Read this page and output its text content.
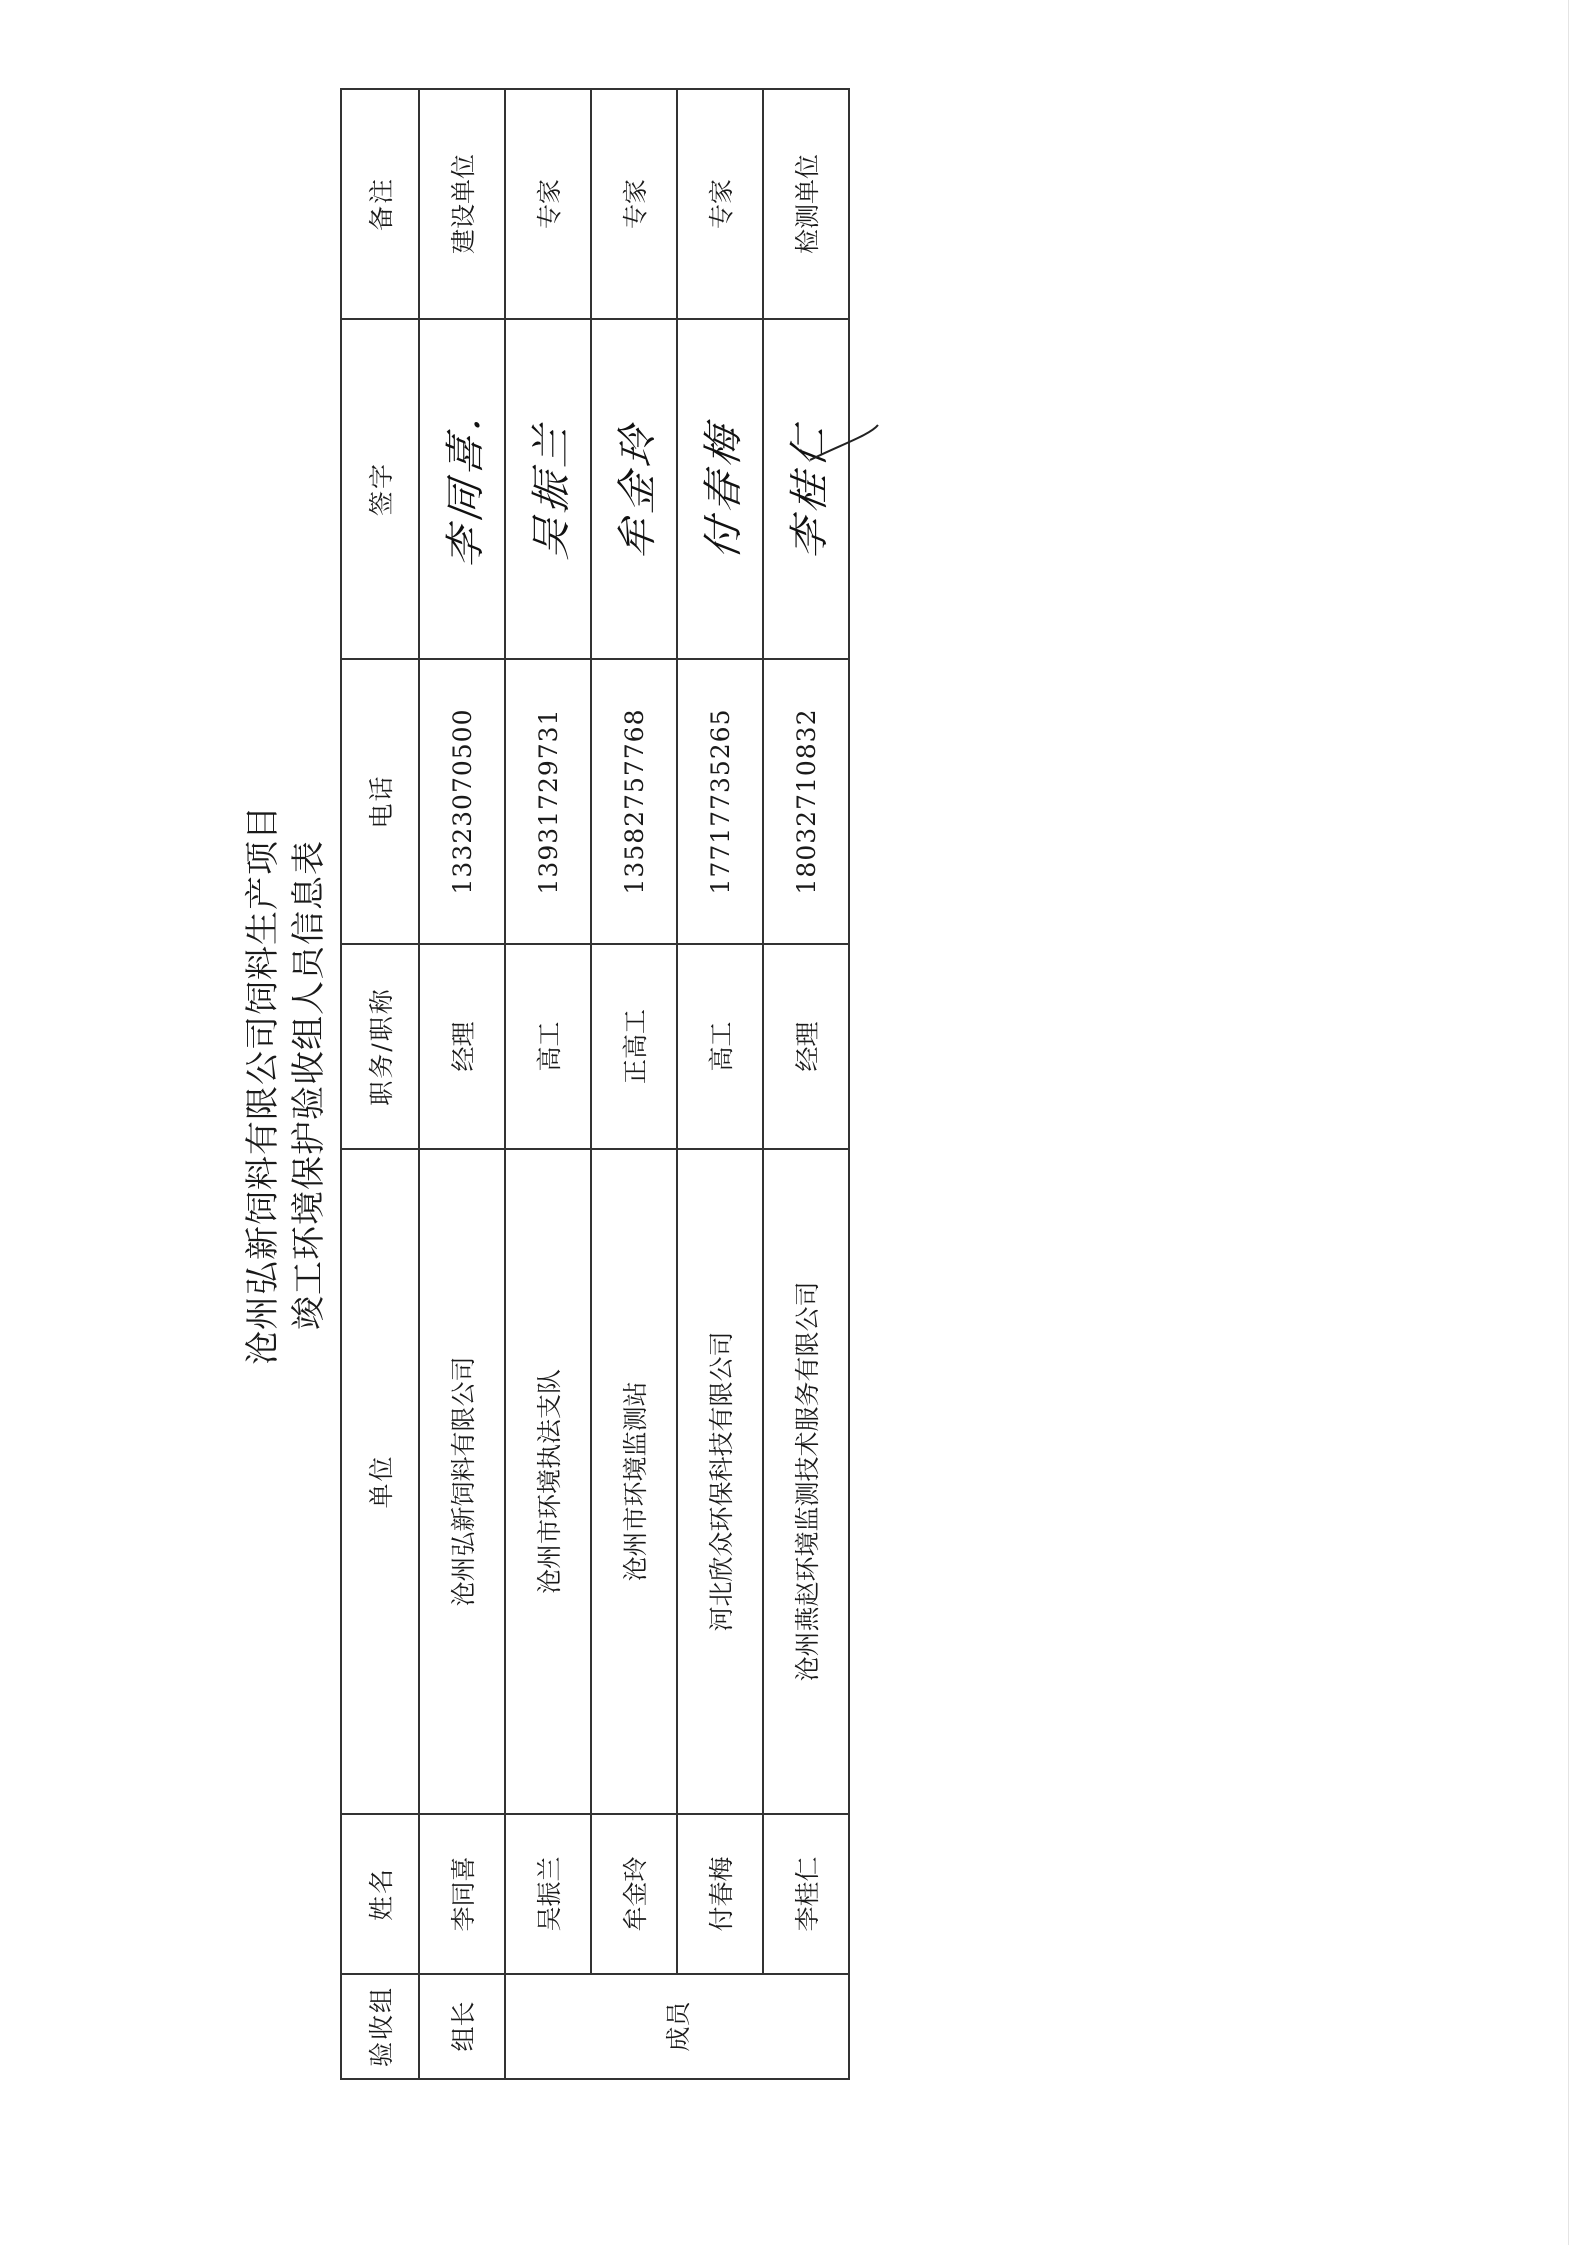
沧州弘新饲料有限公司饲料生产项目 竣工环境保护验收组人员信息表
验收组	姓名	单位	职务/职称	电话	签字	备注
组长	李同喜	沧州弘新饲料有限公司	经理	13323070500	李同喜.	建设单位
成员	吴振兰	沧州市环境执法支队	高工	13931729731	吴振兰	专家
	牟金玲	沧州市环境监测站	正高工	13582757768	牟金玲	专家
	付春梅	河北欣众环保科技有限公司	高工	17717735265	付春梅	专家
	李桂仁	沧州燕赵环境监测技术服务有限公司	经理	18032710832	李桂仁	检测单位
